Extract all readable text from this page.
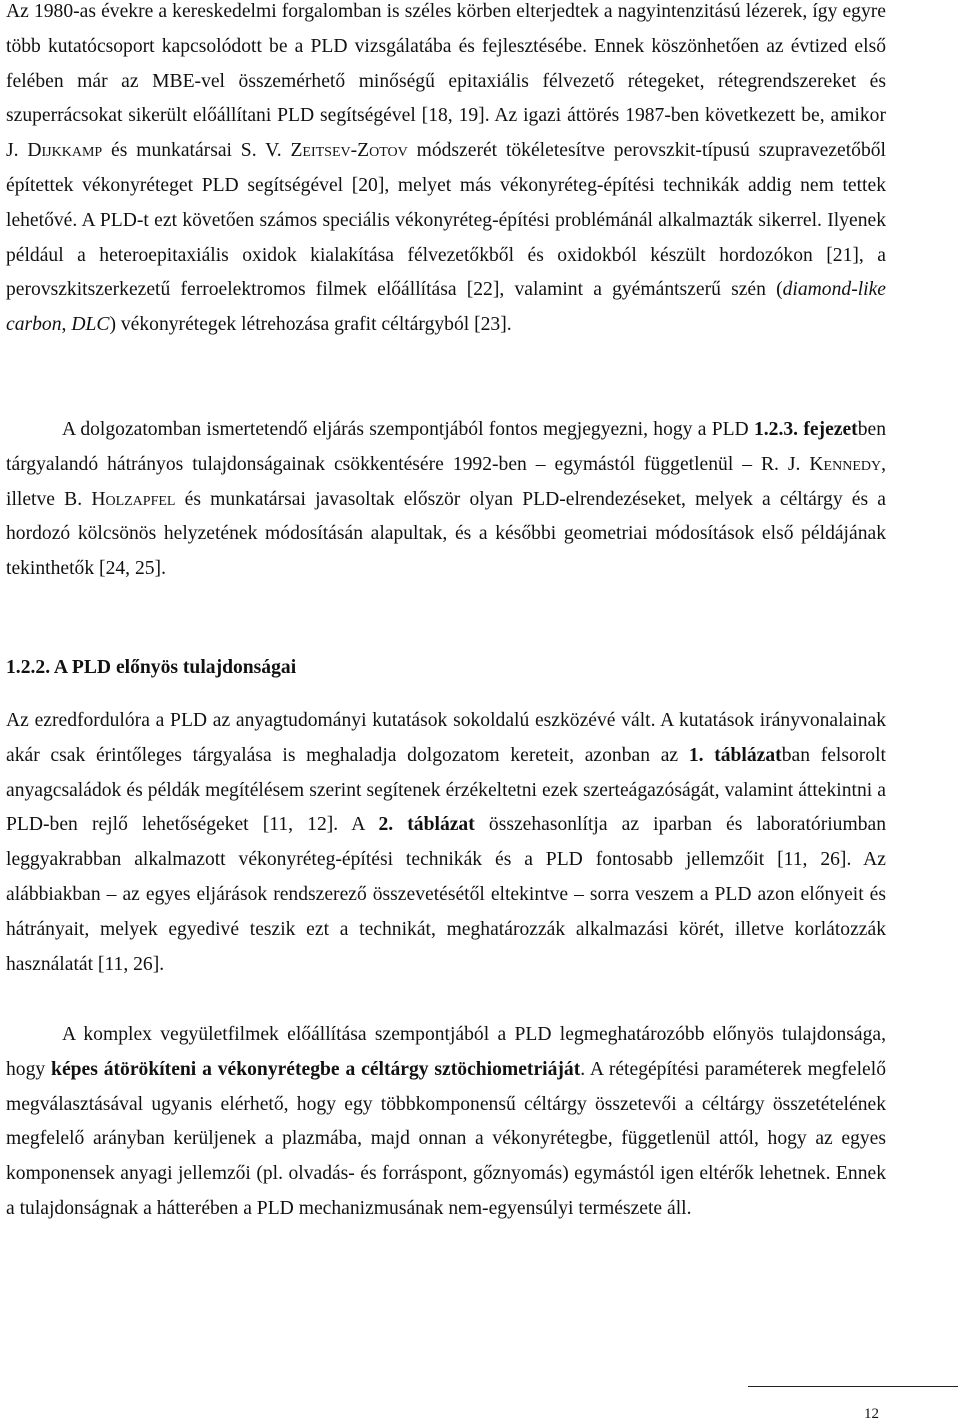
Az 1980-as évekre a kereskedelmi forgalomban is széles körben elterjedtek a nagyintenzitású lézerek, így egyre több kutatócsoport kapcsolódott be a PLD vizsgálatába és fejlesztésébe. Ennek köszönhetően az évtized első felében már az MBE-vel összemérhető minőségű epitaxiális félvezető rétegeket, rétegrendszereket és szuperrácsokat sikerült előállítani PLD segítségével [18, 19]. Az igazi áttörés 1987-ben következett be, amikor J. Dijkkamp és munkatársai S. V. Zeitsev-Zotov módszerét tökéletesítve perovszkit-típusú szupravezetőből építettek vékonyréteget PLD segítségével [20], melyet más vékonyréteg-építési technikák addig nem tettek lehetővé. A PLD-t ezt követően számos speciális vékonyréteg-építési problémánál alkalmazták sikerrel. Ilyenek például a heteroepitaxiális oxidok kialakítása félvezetőkből és oxidokból készült hordozókon [21], a perovszkitszerkezetű ferroelektromos filmek előállítása [22], valamint a gyémántszerű szén (diamond-like carbon, DLC) vékonyrétegek létrehozása grafit céltárgyból [23].

A dolgozatomban ismertetendő eljárás szempontjából fontos megjegyezni, hogy a PLD 1.2.3. fejezetben tárgyalandó hátrányos tulajdonságainak csökkentésére 1992-ben – egymástól függetlenül – R. J. Kennedy, illetve B. Holzapfel és munkatársai javasoltak először olyan PLD-elrendezéseket, melyek a céltárgy és a hordozó kölcsönös helyzetének módosításán alapultak, és a későbbi geometriai módosítások első példájának tekinthetők [24, 25].

1.2.2. A PLD előnyös tulajdonságai

Az ezredfordulóra a PLD az anyagtudományi kutatások sokoldalú eszközévé vált. A kutatások irányvonalainak akár csak érintőleges tárgyalása is meghaladja dolgozatom kereteit, azonban az 1. táblázatban felsorolt anyagcsaládok és példák megítélésem szerint segítenek érzékeltetni ezek szerteágazóságát, valamint áttekintni a PLD-ben rejlő lehetőségeket [11, 12]. A 2. táblázat összehasonlítja az iparban és laboratóriumban leggyakrabban alkalmazott vékonyréteg-építési technikák és a PLD fontosabb jellemzőit [11, 26]. Az alábbiakban – az egyes eljárások rendszerező összevetésétől eltekintve – sorra veszem a PLD azon előnyeit és hátrányait, melyek egyedivé teszik ezt a technikát, meghatározzák alkalmazási körét, illetve korlátozzák használatát [11, 26].

A komplex vegyületfilmek előállítása szempontjából a PLD legmeghatározóbb előnyös tulajdonsága, hogy képes átörökíteni a vékonyrétegbe a céltárgy sztöchiometriáját. A rétegépítési paraméterek megfelelő megválasztásával ugyanis elérhető, hogy egy többkomponensű céltárgy összetevői a céltárgy összetételének megfelelő arányban kerüljenek a plazmába, majd onnan a vékonyrétegbe, függetlenül attól, hogy az egyes komponensek anyagi jellemzői (pl. olvadás- és forráspont, gőznyomás) egymástól igen eltérők lehetnek. Ennek a tulajdonságnak a hátterében a PLD mechanizmusának nem-egyensúlyi természete áll.

12
